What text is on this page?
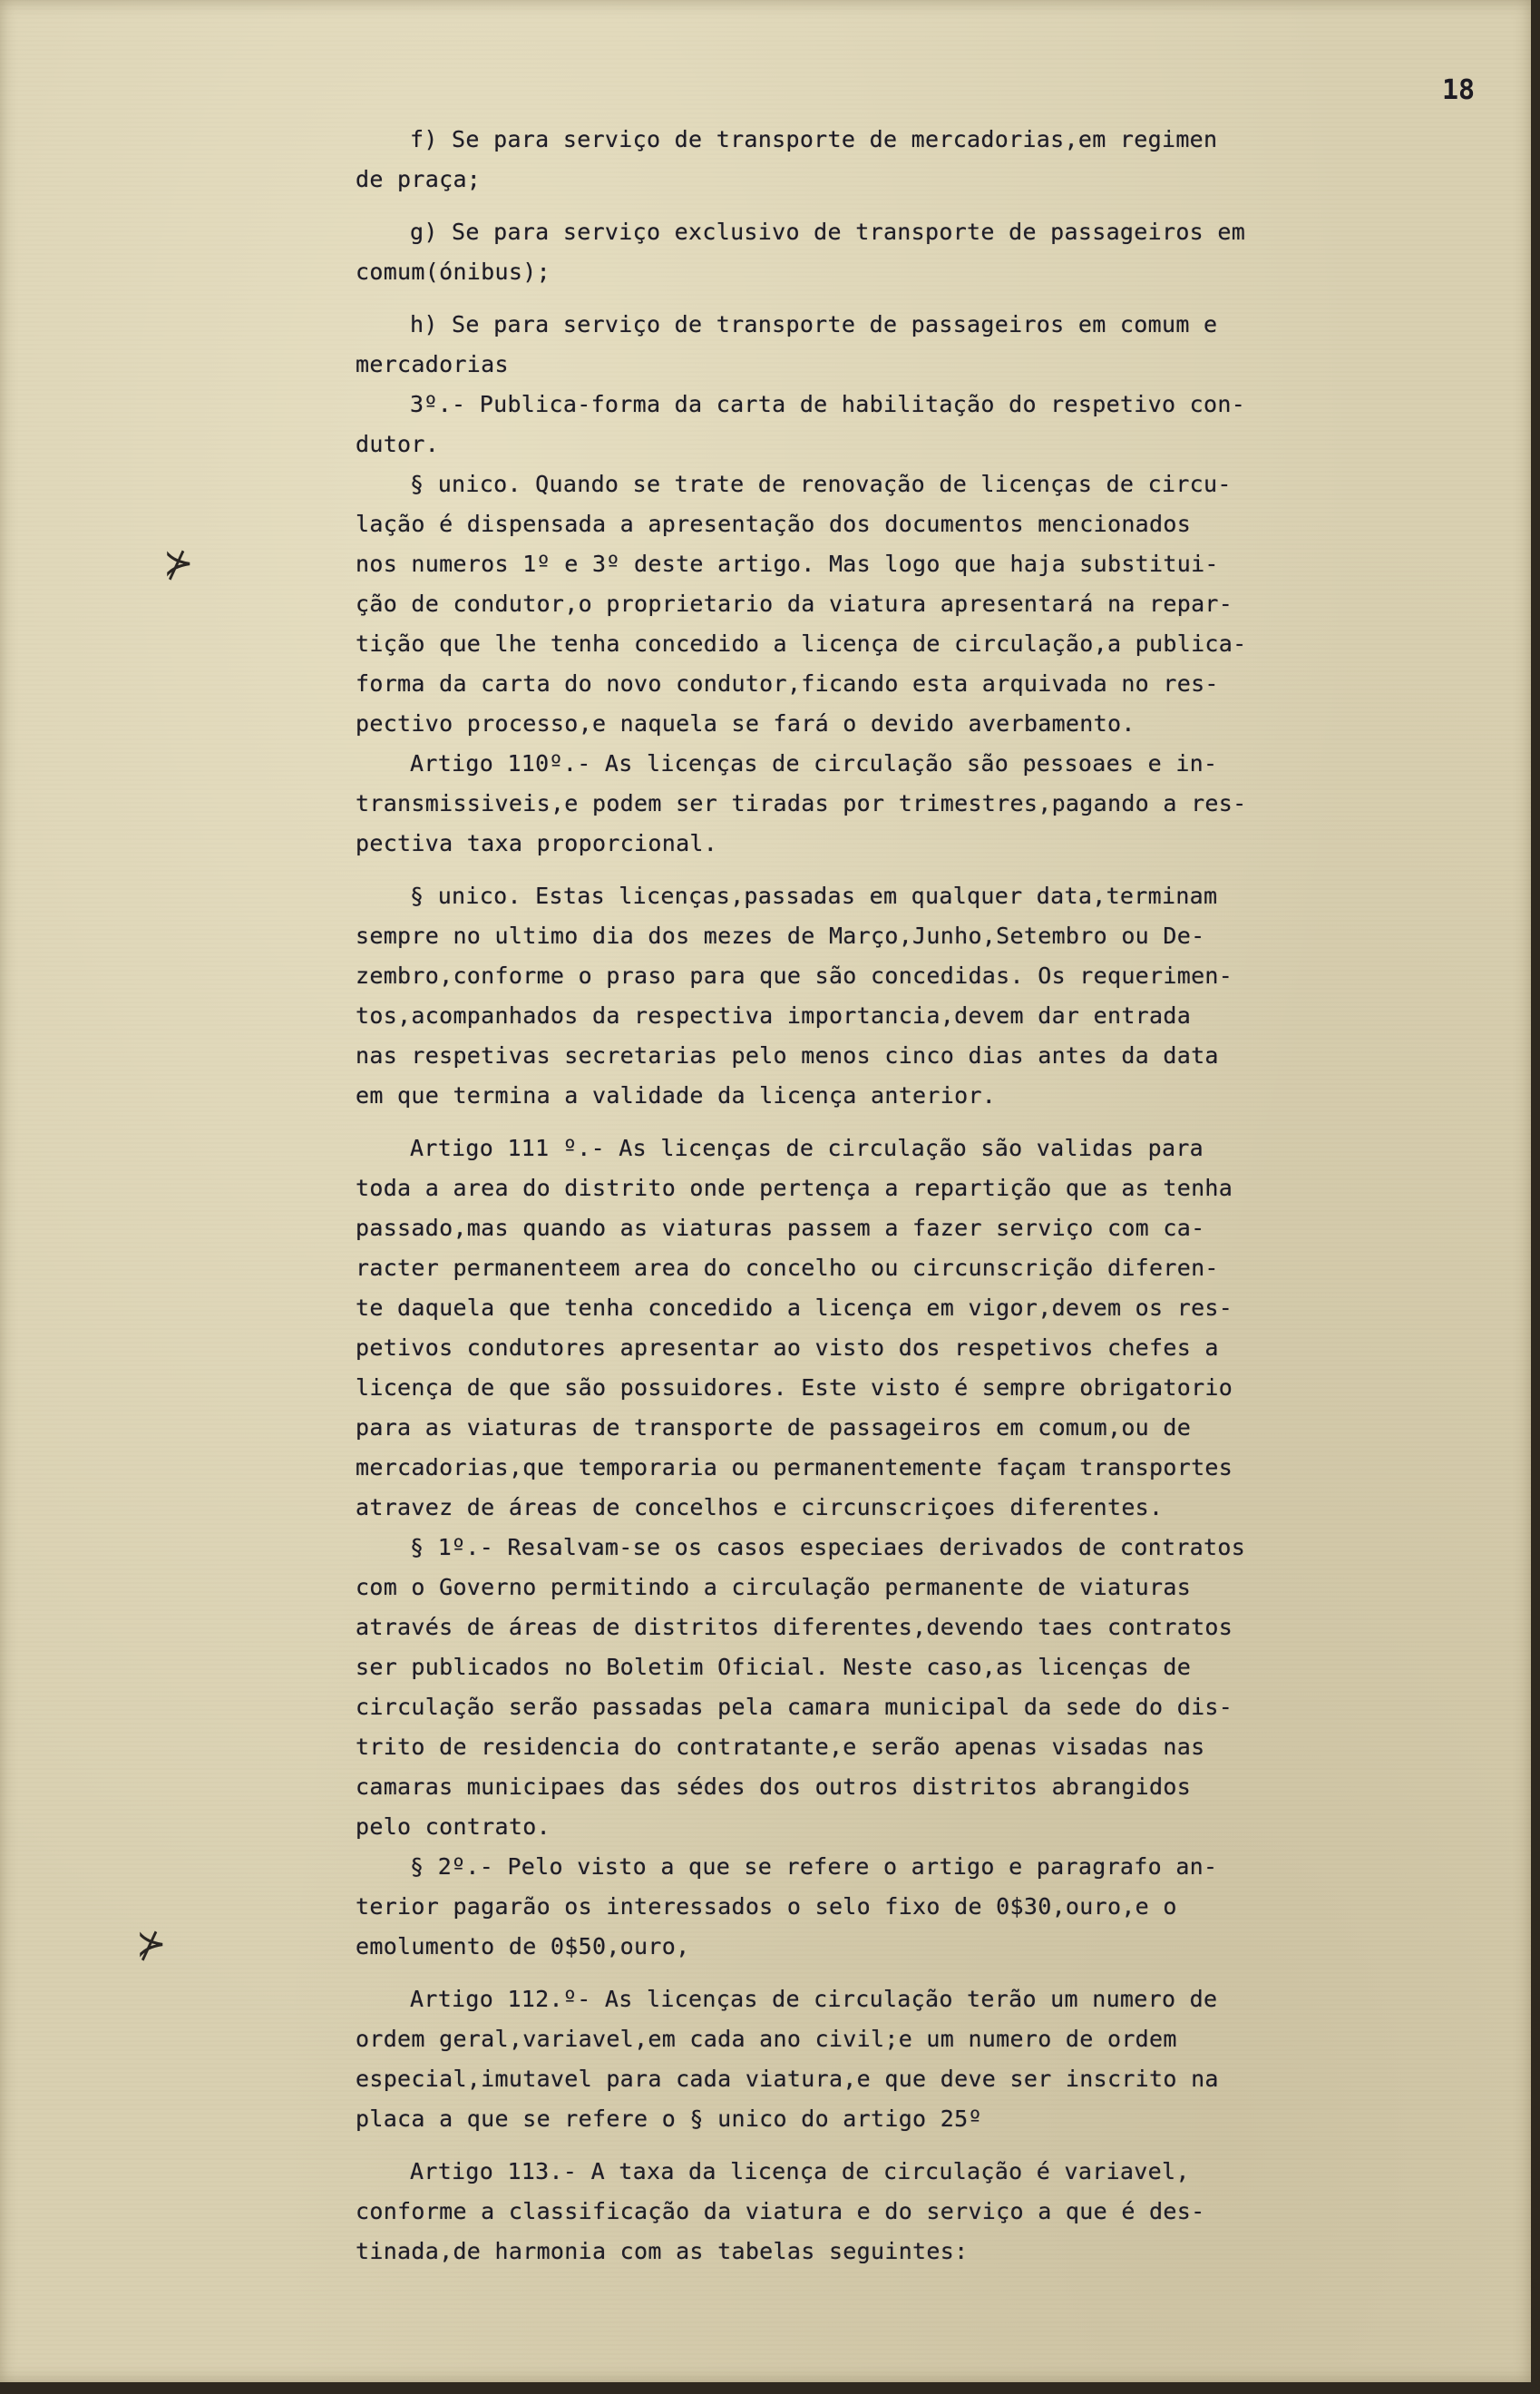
18
f) Se para serviço de transporte de mercadorias,em regimen
de praça;
g) Se para serviço exclusivo de transporte de passageiros em
comum(ónibus);
h) Se para serviço de transporte de passageiros em comum e
mercadorias
3º.- Publica-forma da carta de habilitação do respetivo con-
dutor.
§ unico. Quando se trate de renovação de licenças de circu-
lação é dispensada a apresentação dos documentos mencionados
nos numeros 1º e 3º deste artigo. Mas logo que haja substitui-
ção de condutor,o proprietario da viatura apresentará na repar-
tição que lhe tenha concedido a licença de circulação,a publica-
forma da carta do novo condutor,ficando esta arquivada no res-
pectivo processo,e naquela se fará o devido averbamento.
Artigo 110º.- As licenças de circulação são pessoaes e in-
transmissiveis,e podem ser tiradas por trimestres,pagando a res-
pectiva taxa proporcional.
§ unico. Estas licenças,passadas em qualquer data,terminam
sempre no ultimo dia dos mezes de Março,Junho,Setembro ou De-
zembro,conforme o praso para que são concedidas. Os requerimen-
tos,acompanhados da respectiva importancia,devem dar entrada
nas respetivas secretarias pelo menos cinco dias antes da data
em que termina a validade da licença anterior.
Artigo 111 º.- As licenças de circulação são validas para
toda a area do distrito onde pertença a repartição que as tenha
passado,mas quando as viaturas passem a fazer serviço com ca-
racter permanenteem area do concelho ou circunscrição diferen-
te daquela que tenha concedido a licença em vigor,devem os res-
petivos condutores apresentar ao visto dos respetivos chefes a
licença de que são possuidores. Este visto é sempre obrigatorio
para as viaturas de transporte de passageiros em comum,ou de
mercadorias,que temporaria ou permanentemente façam transportes
atravez de áreas de concelhos e circunscriçoes diferentes.
§ 1º.- Resalvam-se os casos especiaes derivados de contratos
com o Governo permitindo a circulação permanente de viaturas
através de áreas de distritos diferentes,devendo taes contratos
ser publicados no Boletim Oficial. Neste caso,as licenças de
circulação serão passadas pela camara municipal da sede do dis-
trito de residencia do contratante,e serão apenas visadas nas
camaras municipaes das sédes dos outros distritos abrangidos
pelo contrato.
§ 2º.- Pelo visto a que se refere o artigo e paragrafo an-
terior pagarão os interessados o selo fixo de 0$30,ouro,e o
emolumento de 0$50,ouro,
Artigo 112.º- As licenças de circulação terão um numero de
ordem geral,variavel,em cada ano civil;e um numero de ordem
especial,imutavel para cada viatura,e que deve ser inscrito na
placa a que se refere o § unico do artigo 25º
Artigo 113.- A taxa da licença de circulação é variavel,
conforme a classificação da viatura e do serviço a que é des-
tinada,de harmonia com as tabelas seguintes:
⊁
⊁
